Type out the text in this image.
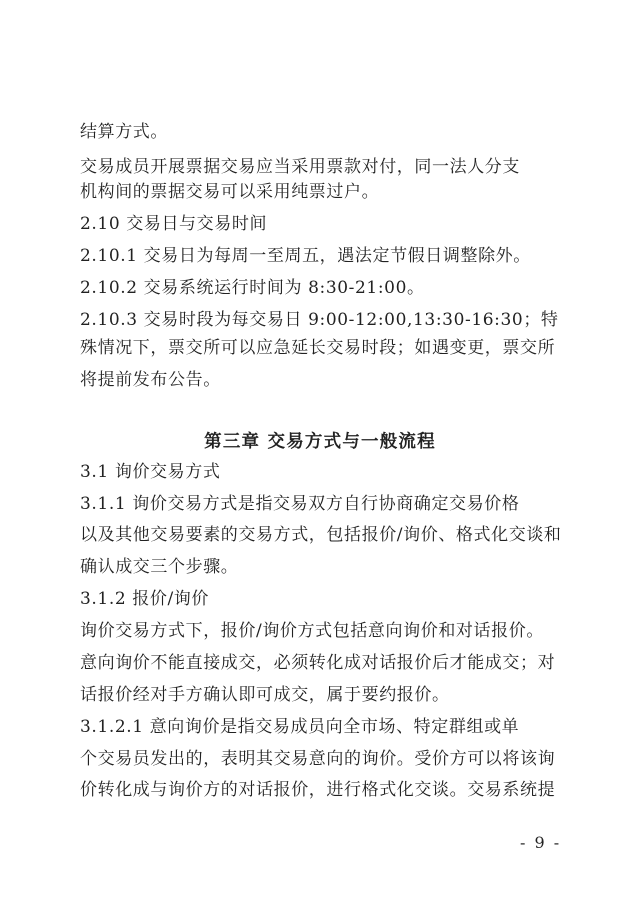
结算方式。
交易成员开展票据交易应当采用票款对付，同一法人分支
机构间的票据交易可以采用纯票过户。
2.10 交易日与交易时间
2.10.1 交易日为每周一至周五，遇法定节假日调整除外。
2.10.2 交易系统运行时间为 8:30-21:00。
2.10.3 交易时段为每交易日 9:00-12:00,13:30-16:30；特
殊情况下，票交所可以应急延长交易时段；如遇变更，票交所
将提前发布公告。
第三章 交易方式与一般流程
3.1 询价交易方式
3.1.1 询价交易方式是指交易双方自行协商确定交易价格
以及其他交易要素的交易方式，包括报价/询价、格式化交谈和
确认成交三个步骤。
3.1.2 报价/询价
询价交易方式下，报价/询价方式包括意向询价和对话报价。
意向询价不能直接成交，必须转化成对话报价后才能成交；对
话报价经对手方确认即可成交，属于要约报价。
3.1.2.1 意向询价是指交易成员向全市场、特定群组或单
个交易员发出的，表明其交易意向的询价。受价方可以将该询
价转化成与询价方的对话报价，进行格式化交谈。交易系统提
- 9 -
